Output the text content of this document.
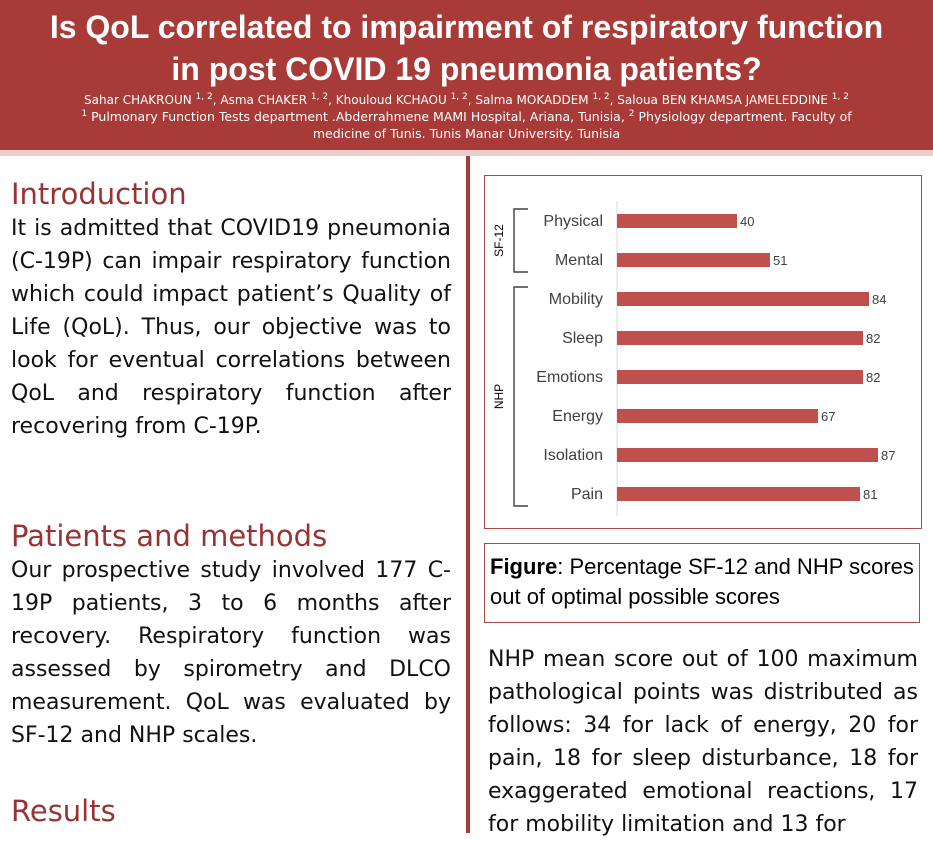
Is QoL correlated to impairment of respiratory function
in post COVID 19 pneumonia patients?
Sahar CHAKROUN $^{1, 2}$, Asma CHAKER $^{1, 2}$, Khouloud KCHAOU $^{1, 2}$, Salma MOKADDEM $^{1, 2}$, Saloua BEN KHAMSA JAMELEDDINE $^{1, 2}$
$^1$ Pulmonary Function Tests department .Abderrahmene MAMI Hospital, Ariana, Tunisia, $^2$ Physiology department. Faculty of
medicine of Tunis. Tunis Manar University. Tunisia
Introduction

It is admitted that COVID19 pneumonia (C-19P) can impair respiratory function which could impact patient’s Quality of Life (QoL). Thus, our objective was to look for eventual correlations between QoL and respiratory function after recovering from C-19P.

Patients and methods

Our prospective study involved 177 C-19P patients, 3 to 6 months after recovery. Respiratory function was assessed by spirometry and DLCO measurement. QoL was evaluated by SF-12 and NHP scales.

Results
Physical	40
Mental	51
Mobility	84
Sleep	82
Emotions	82
Energy	67
Isolation	87
Pain	81
SF-12
NHP
Figure: Percentage SF-12 and NHP scores out of optimal possible scores
NHP mean score out of 100 maximum pathological points was distributed as follows: 34 for lack of energy, 20 for pain, 18 for sleep disturbance, 18 for exaggerated emotional reactions, 17 for mobility limitation and 13 for
